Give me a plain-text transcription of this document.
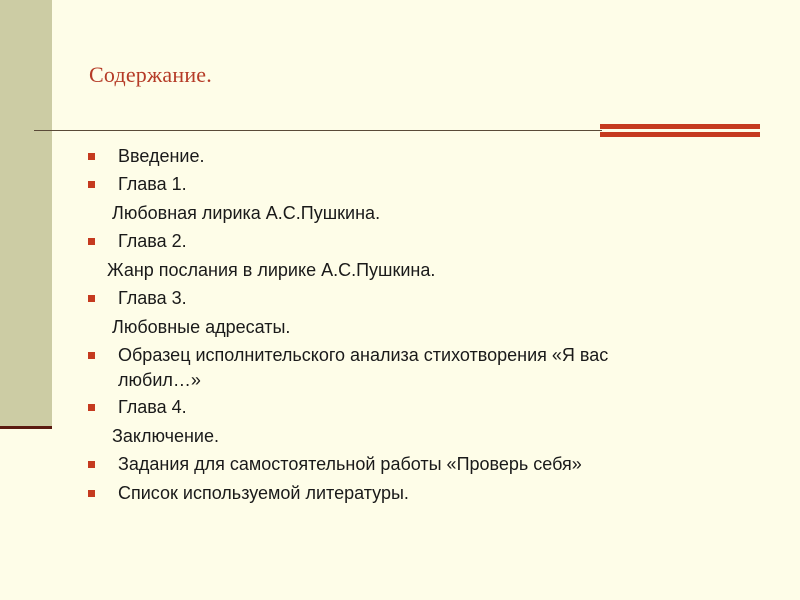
Содержание.
Введение.
Глава 1.
Любовная лирика А.С.Пушкина.
Глава 2.
Жанр послания в лирике А.С.Пушкина.
Глава 3.
Любовные адресаты.
Образец исполнительского анализа стихотворения «Я вас
любил…»
Глава 4.
Заключение.
Задания для самостоятельной работы «Проверь себя»
Список используемой литературы.
